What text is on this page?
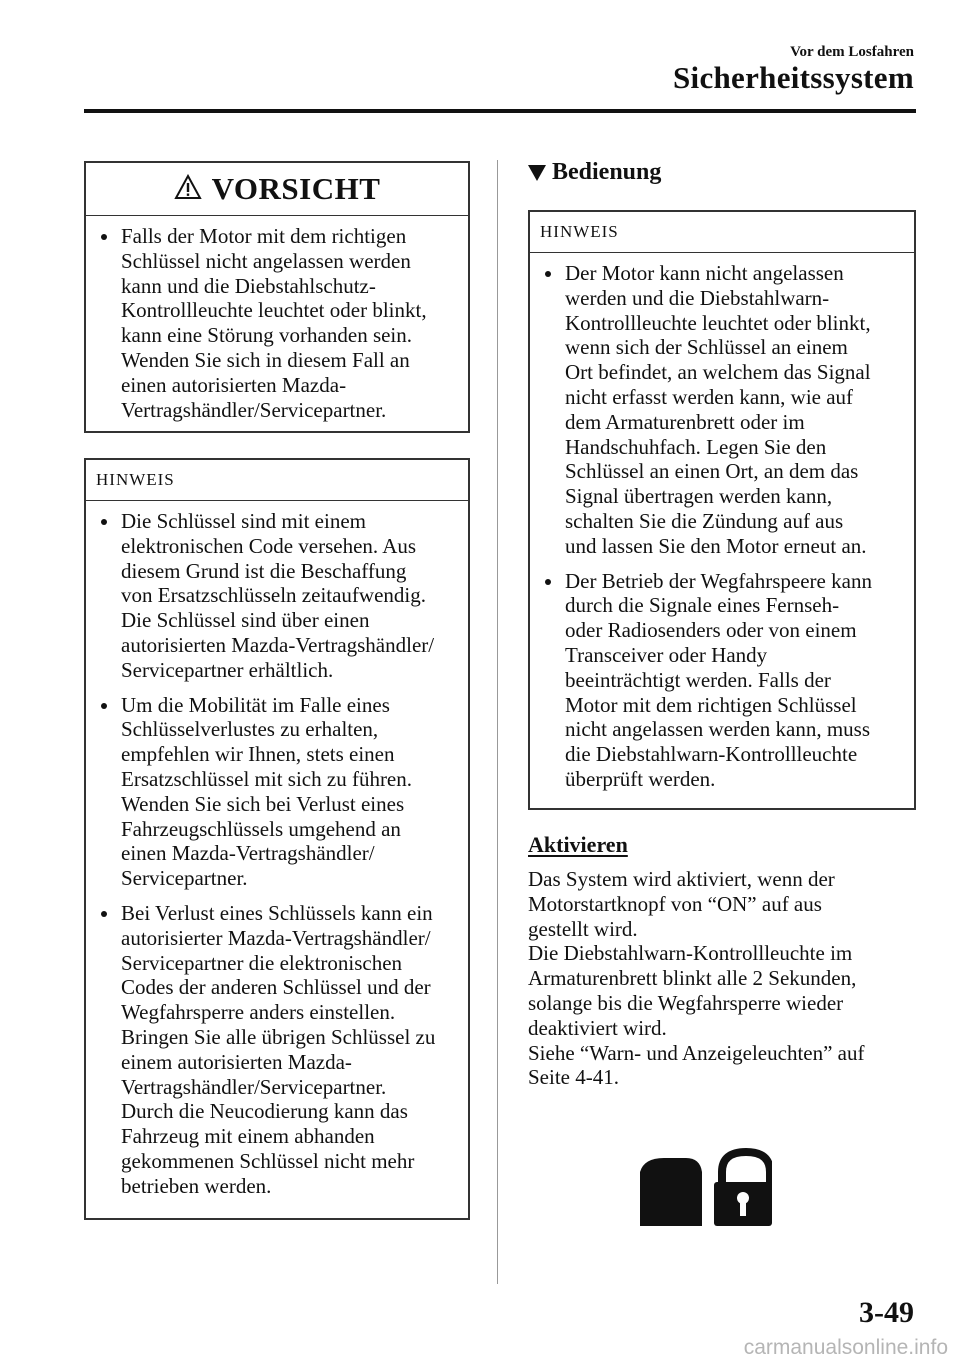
Vor dem Losfahren
Sicherheitssystem
VORSICHT
Falls der Motor mit dem richtigen
Schlüssel nicht angelassen werden
kann und die Diebstahlschutz-
Kontrollleuchte leuchtet oder blinkt,
kann eine Störung vorhanden sein.
Wenden Sie sich in diesem Fall an
einen autorisierten Mazda-
Vertragshändler/Servicepartner.
HINWEIS
Die Schlüssel sind mit einem
elektronischen Code versehen. Aus
diesem Grund ist die Beschaffung
von Ersatzschlüsseln zeitaufwendig.
Die Schlüssel sind über einen
autorisierten Mazda-Vertragshändler/
Servicepartner erhältlich.
Um die Mobilität im Falle eines
Schlüsselverlustes zu erhalten,
empfehlen wir Ihnen, stets einen
Ersatzschlüssel mit sich zu führen.
Wenden Sie sich bei Verlust eines
Fahrzeugschlüssels umgehend an
einen Mazda-Vertragshändler/
Servicepartner.
Bei Verlust eines Schlüssels kann ein
autorisierter Mazda-Vertragshändler/
Servicepartner die elektronischen
Codes der anderen Schlüssel und der
Wegfahrsperre anders einstellen.
Bringen Sie alle übrigen Schlüssel zu
einem autorisierten Mazda-
Vertragshändler/Servicepartner.
Durch die Neucodierung kann das
Fahrzeug mit einem abhanden
gekommenen Schlüssel nicht mehr
betrieben werden.
Bedienung
HINWEIS
Der Motor kann nicht angelassen
werden und die Diebstahlwarn-
Kontrollleuchte leuchtet oder blinkt,
wenn sich der Schlüssel an einem
Ort befindet, an welchem das Signal
nicht erfasst werden kann, wie auf
dem Armaturenbrett oder im
Handschuhfach. Legen Sie den
Schlüssel an einen Ort, an dem das
Signal übertragen werden kann,
schalten Sie die Zündung auf aus
und lassen Sie den Motor erneut an.
Der Betrieb der Wegfahrspeere kann
durch die Signale eines Fernseh-
oder Radiosenders oder von einem
Transceiver oder Handy
beeinträchtigt werden. Falls der
Motor mit dem richtigen Schlüssel
nicht angelassen werden kann, muss
die Diebstahlwarn-Kontrollleuchte
überprüft werden.
Aktivieren
Das System wird aktiviert, wenn der
Motorstartknopf von “ON” auf aus
gestellt wird.
Die Diebstahlwarn-Kontrollleuchte im
Armaturenbrett blinkt alle 2 Sekunden,
solange bis die Wegfahrsperre wieder
deaktiviert wird.
Siehe “Warn- und Anzeigeleuchten” auf
Seite 4-41.
3-49
carmanualsonline.info
